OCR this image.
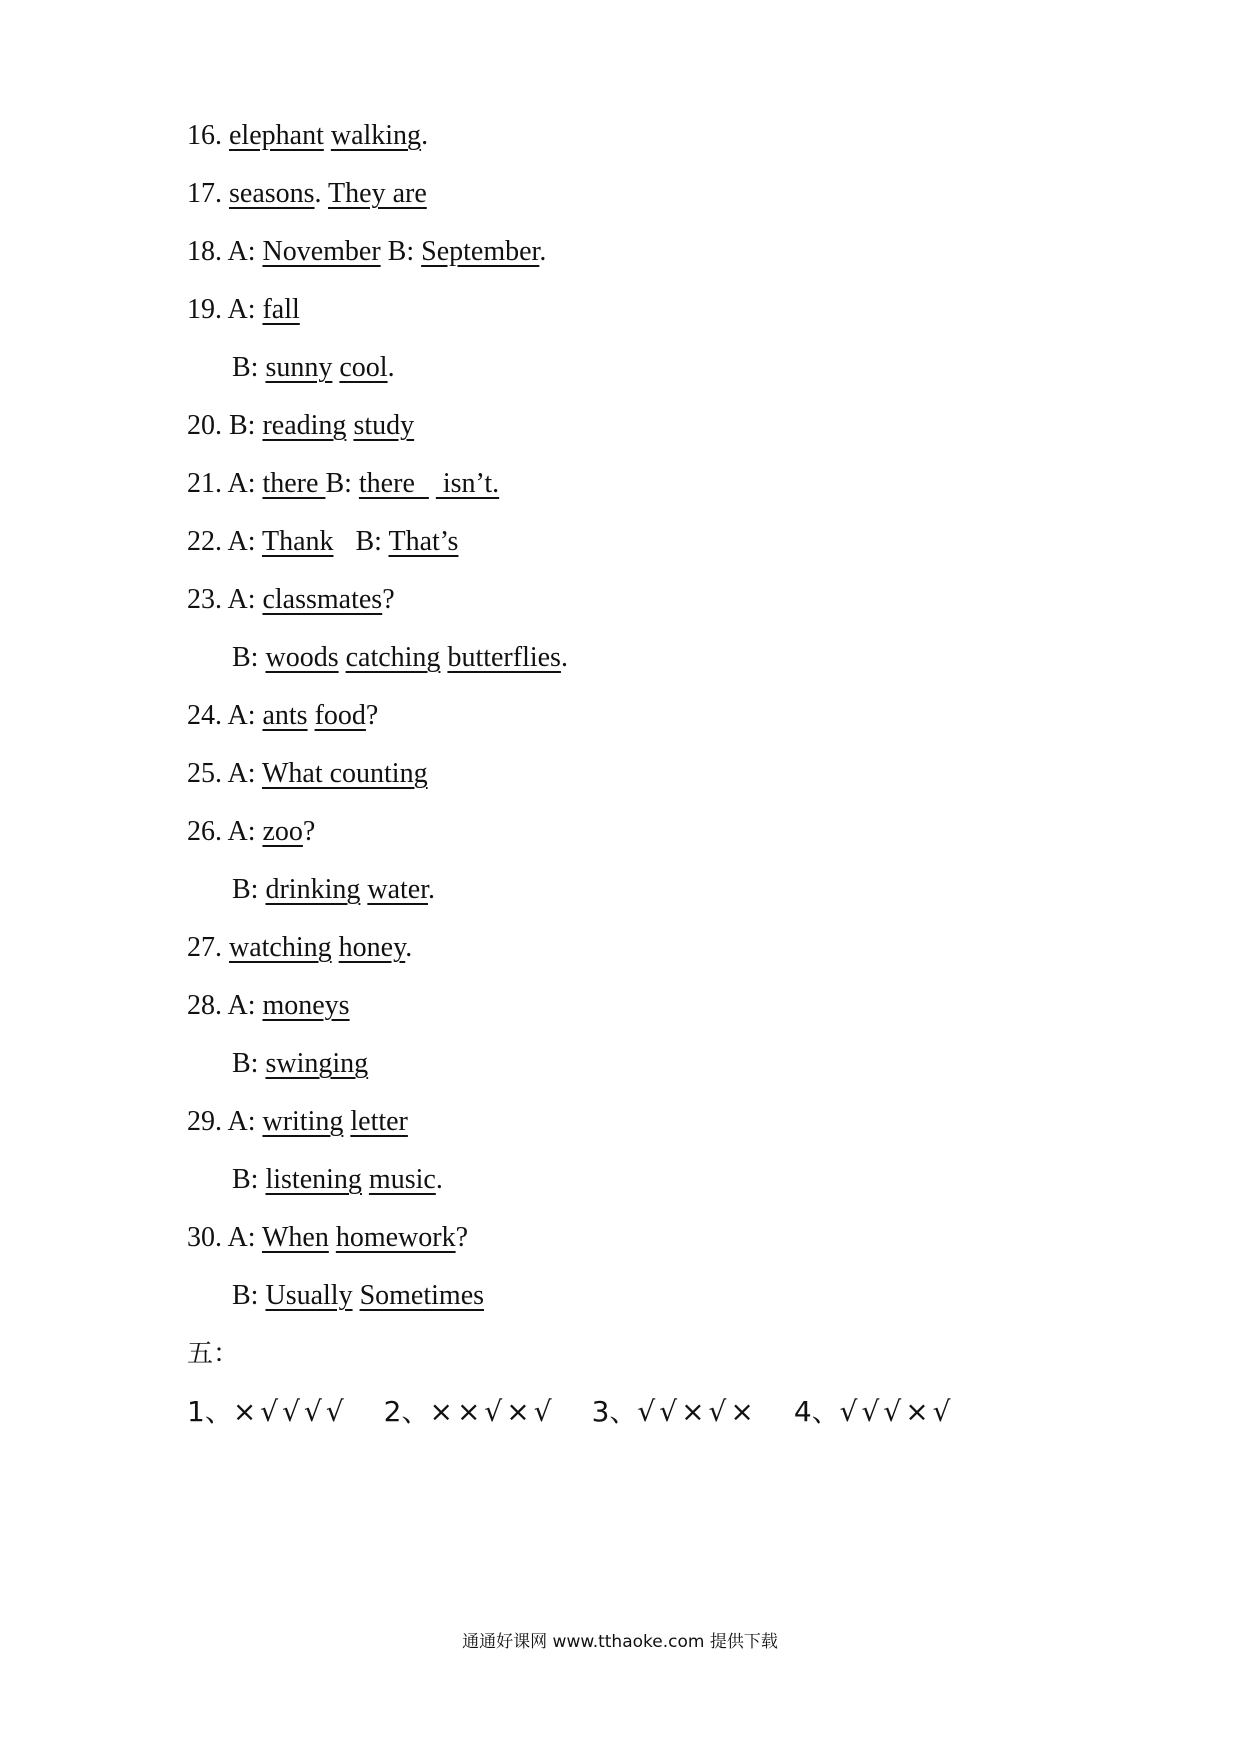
16. elephant walking.
17. seasons. They are
18. A: November B: September.
19. A: fall
B: sunny cool.
20. B: reading study
21. A: there B: there    isn’t.
22. A: Thank B: That’s
23. A: classmates?
B: woods catching butterflies.
24. A: ants food?
25. A: What counting
26. A: zoo?
B: drinking water.
27. watching honey.
28. A: moneys
B: swinging
29. A: writing letter
B: listening music.
30. A: When homework?
B: Usually Sometimes
五：
1、×√√√√ 2、××√×√ 3、√√×√× 4、√√√×√
通通好课网 www.tthaoke.com 提供下载
